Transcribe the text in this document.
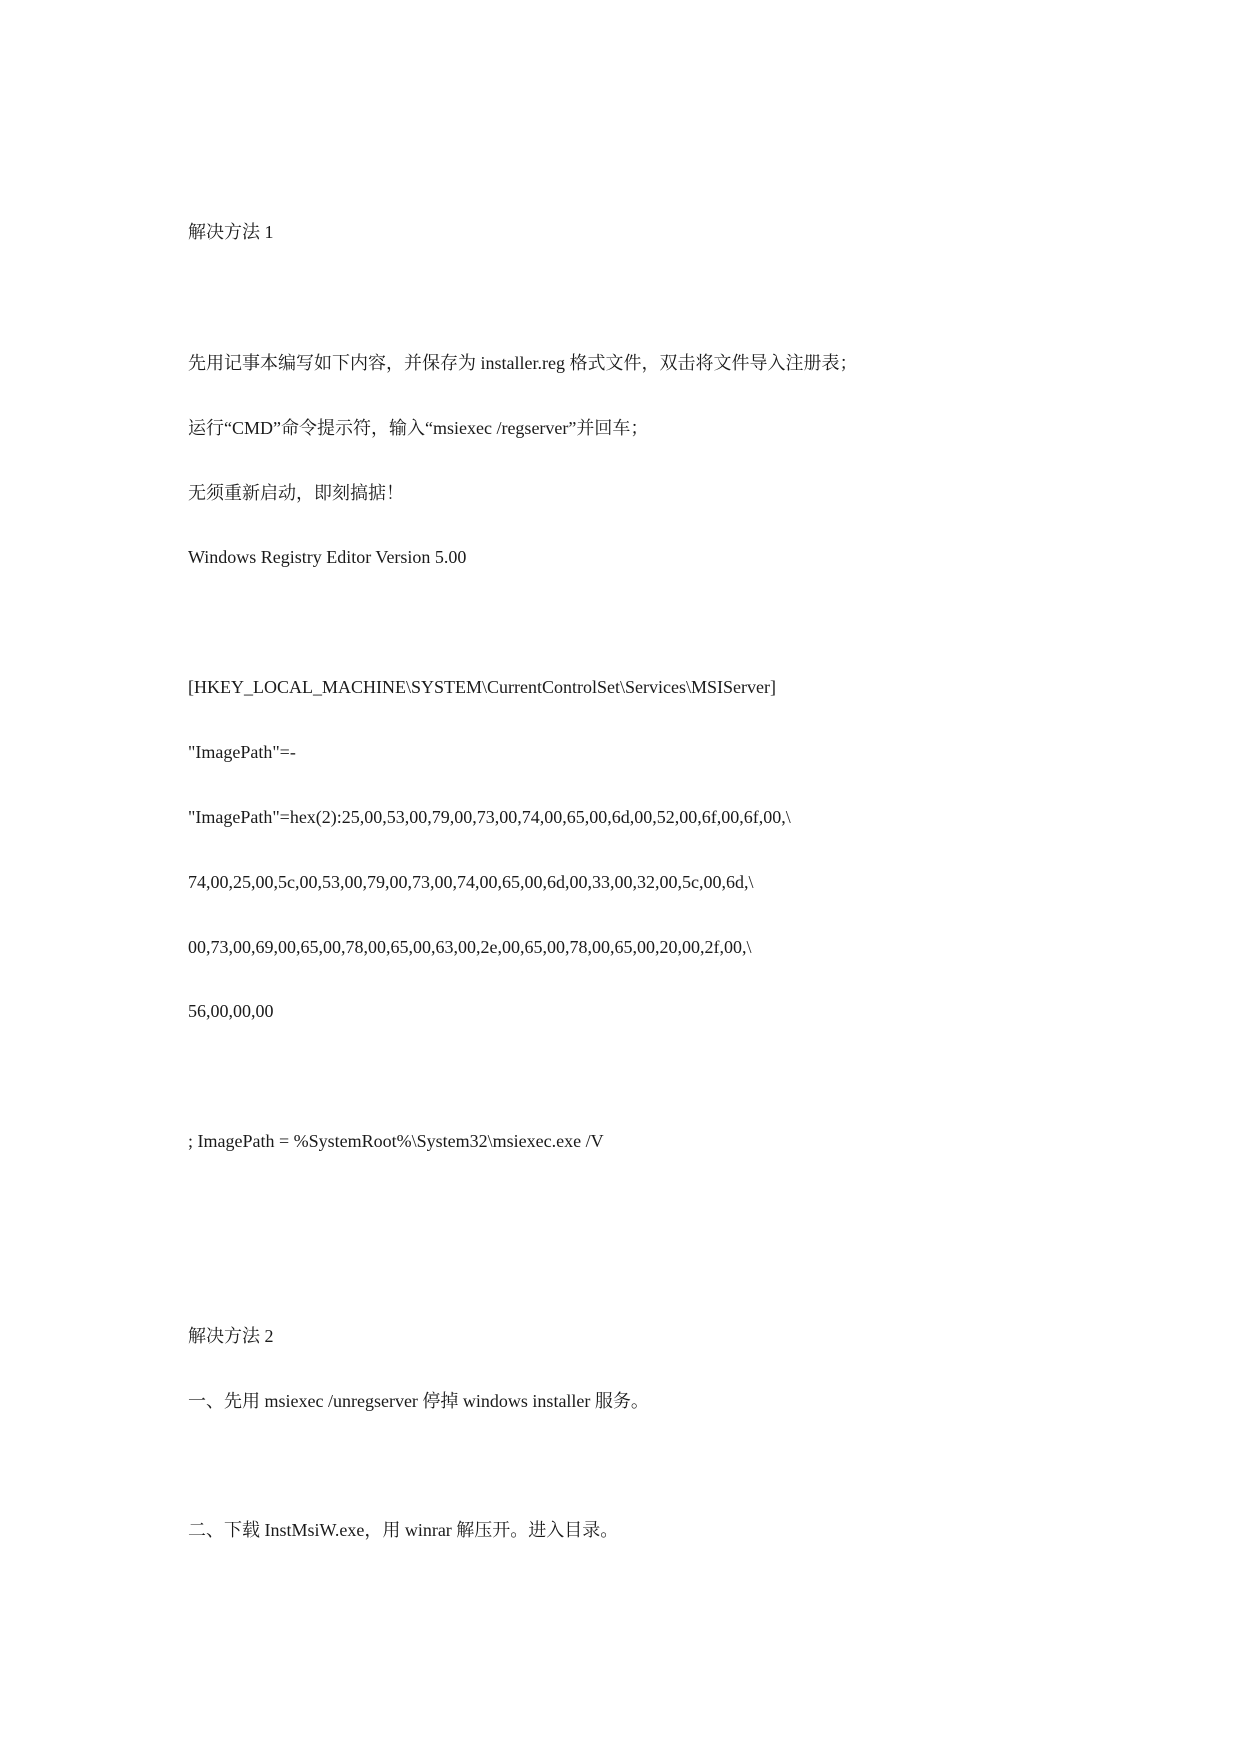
解决方法 1
先用记事本编写如下内容，并保存为 installer.reg 格式文件，双击将文件导入注册表；
运行“CMD”命令提示符，输入“msiexec /regserver”并回车；
无须重新启动，即刻搞掂！
Windows Registry Editor Version 5.00
[HKEY_LOCAL_MACHINE\SYSTEM\CurrentControlSet\Services\MSIServer]
"ImagePath"=-
"ImagePath"=hex(2):25,00,53,00,79,00,73,00,74,00,65,00,6d,00,52,00,6f,00,6f,00,\
74,00,25,00,5c,00,53,00,79,00,73,00,74,00,65,00,6d,00,33,00,32,00,5c,00,6d,\
00,73,00,69,00,65,00,78,00,65,00,63,00,2e,00,65,00,78,00,65,00,20,00,2f,00,\
56,00,00,00
; ImagePath = %SystemRoot%\System32\msiexec.exe /V
解决方法 2
一、先用 msiexec /unregserver 停掉 windows installer 服务。
二、下载 InstMsiW.exe，用 winrar 解压开。进入目录。
